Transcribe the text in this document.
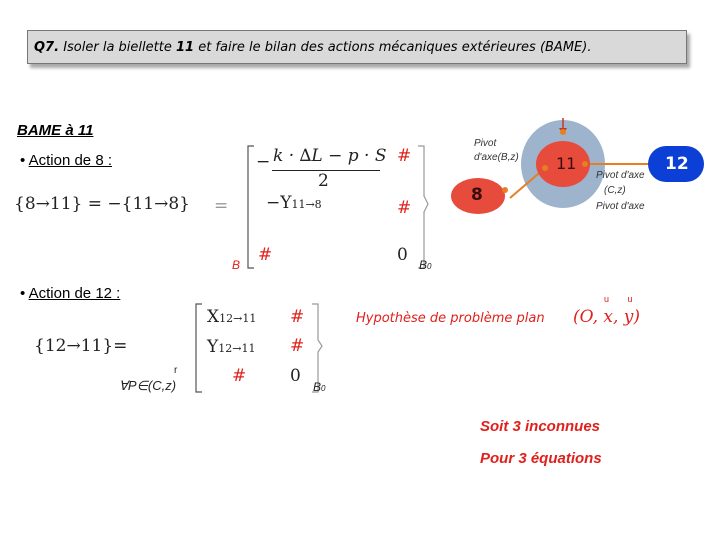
Q7. Isoler la biellette 11 et faire le bilan des actions mécaniques extérieures (BAME).
BAME à 11
• Action de 8 :
{8→11} = −{11→8} =
− k · ∆L − p · S
2
#
−Y11→8	#
#	0
B	B0
• Action de 12 :
{12→11}=
X12→11 #
Y12→11 #
#	0
r
∀P∈(C,z)	B0
Hypothèse de problème plan
u u
(O, x, y)
Soit 3 inconnues
Pour 3 équations
11	12
8
Pivot
d'axe(B,z)
Pivot d'axe
(C,z)
Pivot d'axe
